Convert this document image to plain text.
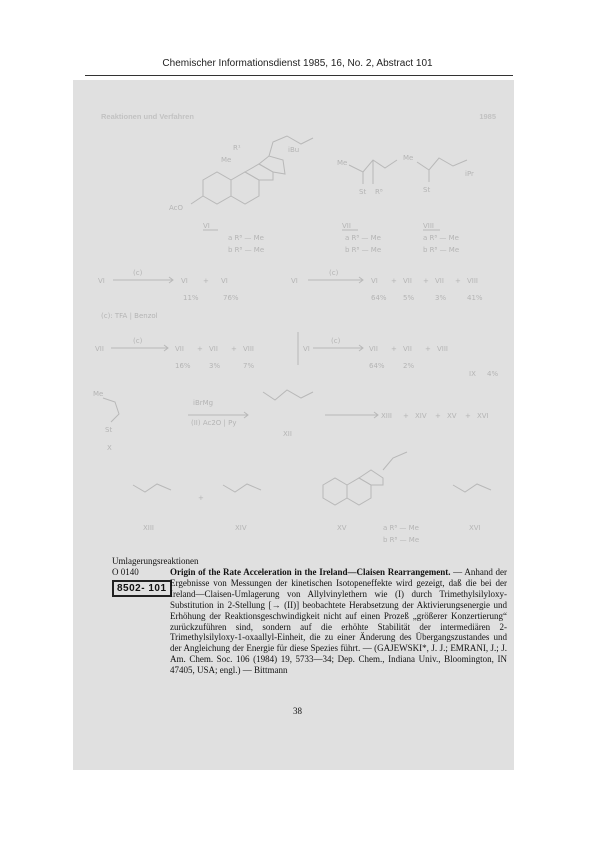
Chemischer Informationsdienst 1985, 16, No. 2, Abstract 101
Reaktionen und Verfahren	1985
R¹
Me
iBu
AcO
VI
Me
St R⁸
VII
Me
St
iPr
VIII
a R⁸ — Me
b R⁸ — Me
a R⁸ — Me
b R⁸ — Me
a R⁸ — Me
b R⁸ — Me
VI
(c)
VI + VI
11%	76%
(c): TFA | Benzol
VI
(c)
VI + VII + VII + VIII
64% 5%	3%	41%
VII
(c)
VII + VII + VIII
16%	3%	7%
VI
(c)
VII + VII + VIII
64%	2%
IX 4%
Me
St
X
iBrMg
(II) Ac2O | Py
XII
XIII + XIV + XV + XVI
XIII
+
XIV	XV	a R⁸ — Me
b R⁸ — Me
XVI
Umlagerungsreaktionen
O 0140
8502- 101
Origin of the Rate Acceleration in the Ireland—Claisen Rearrangement. — Anhand der Ergebnisse von Messungen der kinetischen Isotopeneffekte wird gezeigt, daß die bei der Ireland—Claisen-Umlagerung von Allylvinylethern wie (I) durch Trimethylsilyloxy-Substitution in 2-Stellung [→ (II)] beobachtete Herabsetzung der Aktivierungsenergie und Erhöhung der Reaktionsgeschwindigkeit nicht auf einen Prozeß „größerer Konzertierung“ zurückzuführen sind, sondern auf die erhöhte Stabilität der intermediären 2-Trimethylsilyloxy-1-oxaallyl-Einheit, die zu einer Änderung des Übergangszustandes und der Angleichung der Energie für diese Spezies führt. — (GAJEWSKI*, J. J.; EMRANI, J.; J. Am. Chem. Soc. 106 (1984) 19, 5733—34; Dep. Chem., Indiana Univ., Bloomington, IN 47405, USA; engl.) — Bittmann
38
